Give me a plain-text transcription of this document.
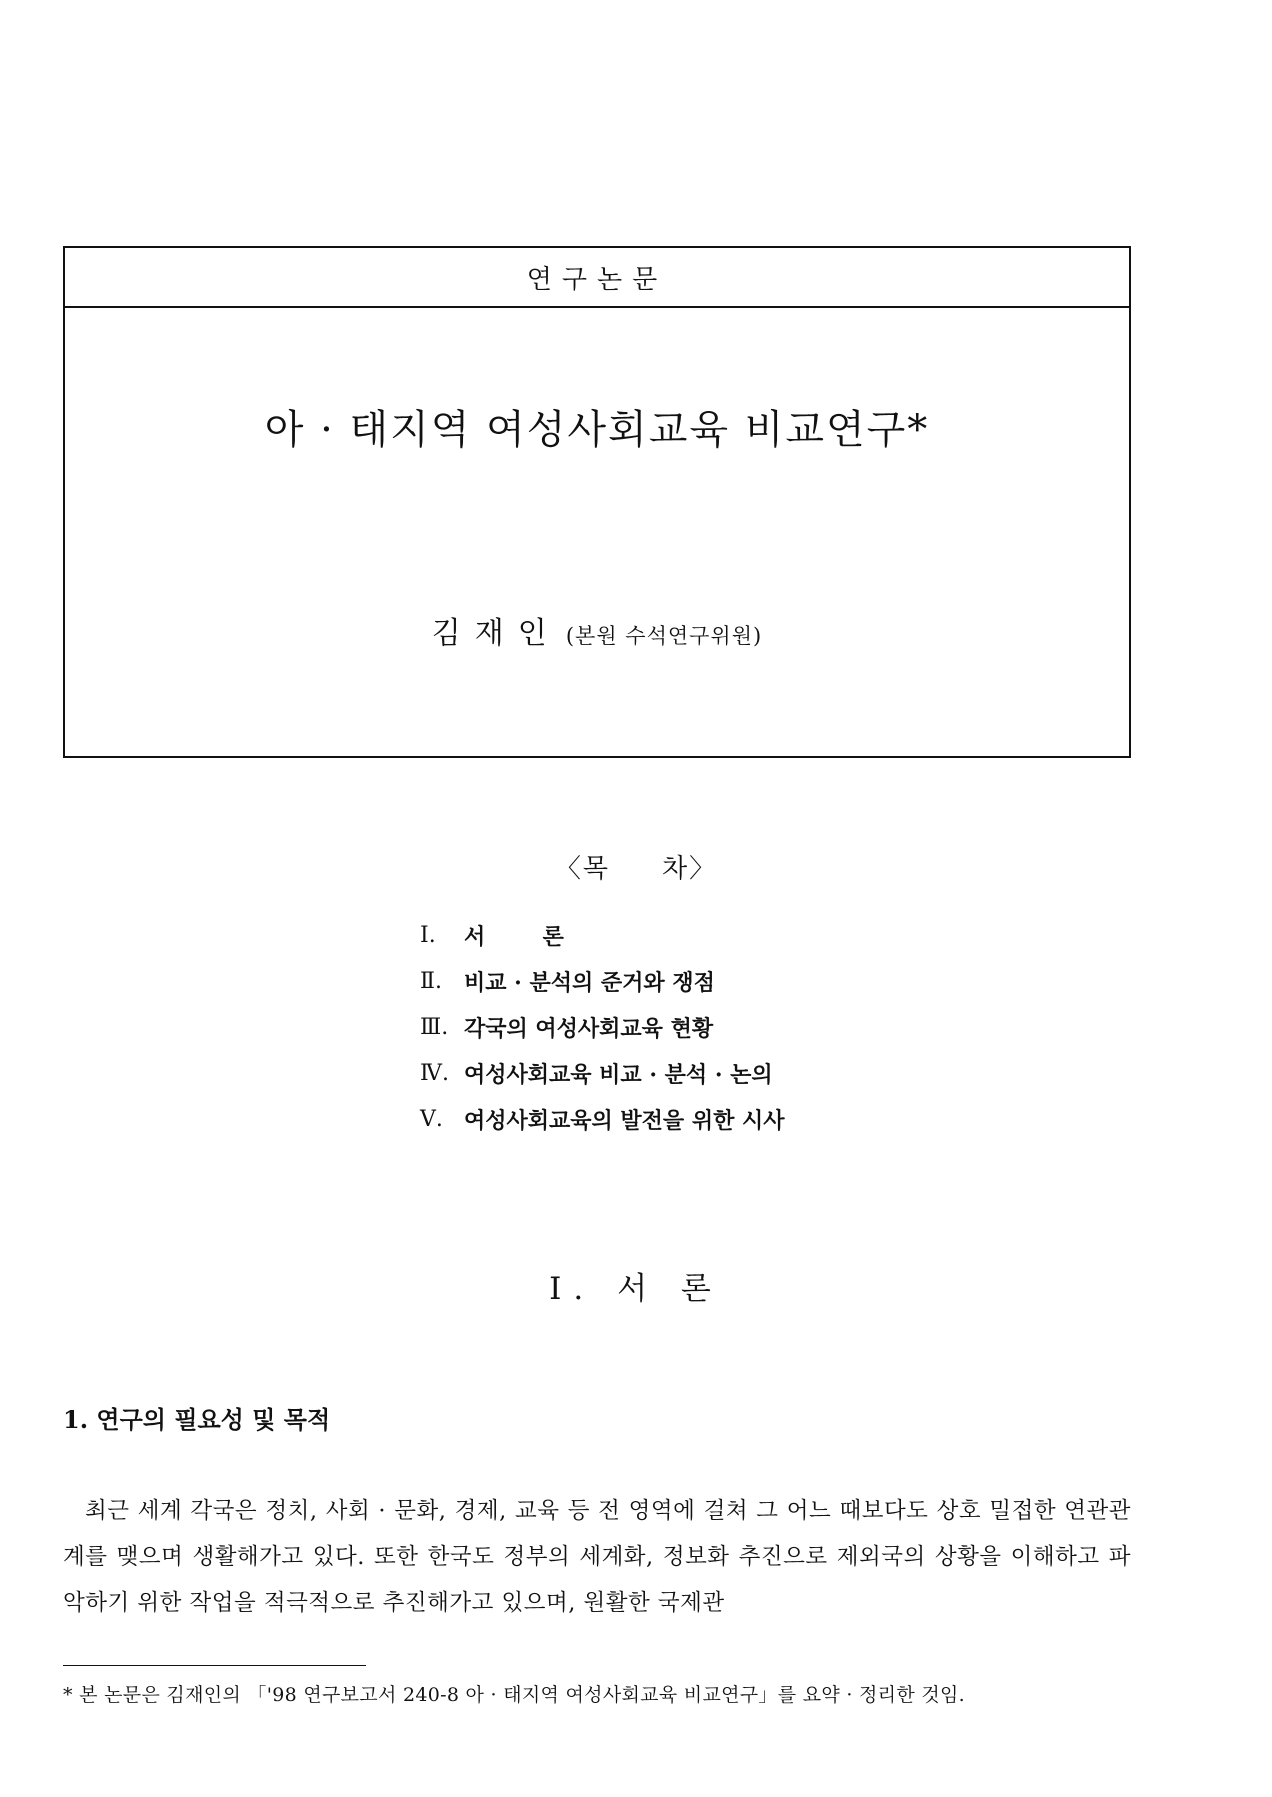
연구논문
아 · 태지역 여성사회교육 비교연구*
김재인 (본원 수석연구위원)
〈목 차〉
Ⅰ.	서  론
Ⅱ.	비교 · 분석의 준거와 쟁점
Ⅲ. 각국의 여성사회교육 현황
Ⅳ. 여성사회교육 비교 · 분석 · 논의
Ⅴ. 여성사회교육의 발전을 위한 시사
Ⅰ. 서 론
1. 연구의 필요성 및 목적
최근 세계 각국은 정치, 사회 · 문화, 경제, 교육 등 전 영역에 걸쳐 그 어느 때보다도 상호 밀접한 연관관계를 맺으며 생활해가고 있다. 또한 한국도 정부의 세계화, 정보화 추진으로 제외국의 상황을 이해하고 파악하기 위한 작업을 적극적으로 추진해가고 있으며, 원활한 국제관
* 본 논문은 김재인의 「'98 연구보고서 240-8 아 · 태지역 여성사회교육 비교연구」를 요약 · 정리한 것임.
